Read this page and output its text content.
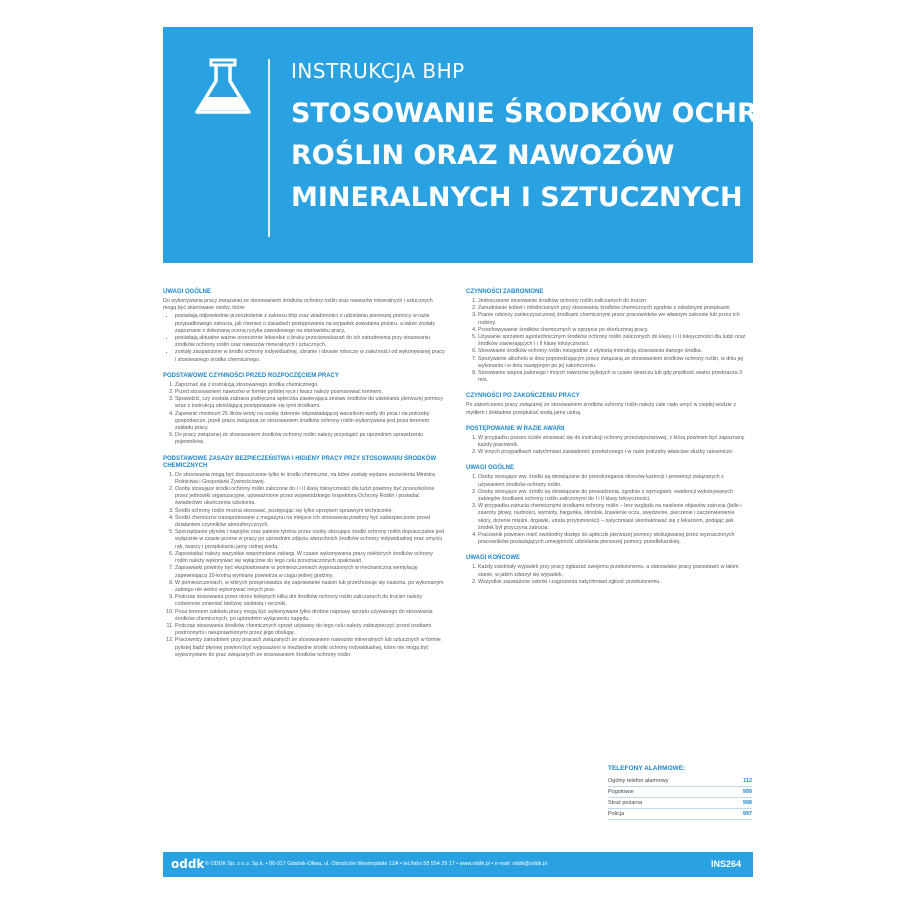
INSTRUKCJA BHP
STOSOWANIE ŚRODKÓW OCHRONY
ROŚLIN ORAZ NAWOZÓW
MINERALNYCH I SZTUCZNYCH
UWAGI OGÓLNE

Do wykonywania pracy związanej ze stosowaniem środków ochrony roślin oraz nawozów mineralnych i sztucznych mogą być skierowane osoby, które:

• posiadają odpowiednie przeszkolenie z zakresu bhp oraz wiadomości o udzielaniu pierwszej pomocy w razie przypadkowego zatrucia, jak również o zasadach postępowania na wypadek powstania pożaru, a także zostały zapoznane z dokonaną oceną ryzyka zawodowego na stanowisku pracy,
• posiadają aktualne ważne orzeczenie lekarskie o braku przeciwwskazań do ich zatrudnienia przy stosowaniu środków ochrony roślin oraz nawozów mineralnych i sztucznych,
• zostały zaopatrzone w środki ochrony indywidualnej, ubranie i obuwie robocze w zależności od wykonywanej pracy i stosowanego środka chemicznego.
PODSTAWOWE CZYNNOŚCI PRZED ROZPOCZĘCIEM PRACY
1. Zapoznać się z instrukcją stosowanego środka chemicznego.
2. Przed stosowaniem nawozów w formie pylistej ręce i twarz należy posmarować kremem.
3. Sprawdzić, czy została zabrana podręczna apteczka zawierająca zestaw środków do udzielania pierwszej pomocy wraz z instrukcją określającą postępowanie się tymi środkami.
4. Zapewnić minimum 25 litrów wody na osobę dziennie odpowiadającej warunkom wody do picia i na potrzeby gospodarcze, jeżeli praca związana ze stosowaniem środków ochrony roślin wykonywana jest poza terenem zakładu pracy.
5. Do pracy związanej ze stosowaniem środków ochrony roślin należy przystąpić po uprzednim sprawdzeniu pojemników.
PODSTAWOWE ZASADY BEZPIECZEŃSTWA I HIGIENY PRACY PRZY STOSOWANIU ŚRODKÓW CHEMICZNYCH
1. Do stosowania mogą być dopuszczone tylko te środki chemiczne, na które zostały wydane zezwolenia Ministra Rolnictwa i Gospodarki Żywnościowej.
2. Osoby stosujące środki ochrony roślin zaliczone do I i II klasy toksyczności dla ludzi powinny być przeszkolone przez jednostki organizacyjne, upoważnione przez wojewódzkiego Inspektora Ochrony Roślin i posiadać świadectwo ukończenia szkolenia.
3. Środki ochrony roślin można stosować, postępując się tylko sprzętem sprawnym technicznie.
4. Środki chemiczne transportowane z magazynu na miejsce ich stosowania powinny być zabezpieczone przed działaniem czynników atmosferycznych.
5. Sporządzanie płynów i napojów oraz palenie tytoniu przez osoby stosujące środki ochrony roślin dopuszczalne jest wyłącznie w czasie przerw w pracy po uprzednim zdjęciu wierzchnich środków ochrony indywidualnej oraz umyciu rąk, twarzy i przepłukaniu jamy ustnej wodą.
6. Zapowiadać należy wszystkie wspomniane zabiegi. W czasie wykonywania pracy niektórych środków ochrony roślin należy wykonywać się wyłącznie do tego celu przeznaczonych opakowań.
7. Zaprawiarki powinny być eksploatowane w pomieszczeniach wyposażonych w mechaniczną wentylację zapewniającą 10-krotną wymianę powietrza w ciągu jednej godziny.
8. W pomieszczeniach, w których przeprowadza się zaprawianie nasion lub przechowuje się nasiona, po wykonanym zabiegu nie wolno wykonywać innych prac.
9. Podczas stosowania przez okres kolejnych kilku dni środków ochrony roślin zaliczanych do trucizn należy codziennie zmieniać bieliznę osobistą i ręczniki.
10. Poza terenem zakładu pracy mogą być wykonywane tylko drobne naprawy sprzętu używanego do stosowania środków chemicznych, po uprzednim wyłączeniu napędu.
11. Podczas stosowania środków chemicznych sprzęt używany do tego celu należy zabezpieczyć przed osobami postronnymi i nieuprawnionymi przez jego obsługę.
12. Pracownicy zatrudnieni przy pracach związanych ze stosowaniem nawozów mineralnych lub sztucznych w formie pylistej bądź płynnej powinni być wyposażeni w niezbędne środki ochrony indywidualnej, które nie mogą być wykorzystane do prac związanych ze stosowaniem środków ochrony roślin.
CZYNNOŚCI ZABRONIONE
1. Jednoczesne stosowanie środków ochrony roślin zaliczanych do trucizn.
2. Zanudnianie kobiet i młodocianych przy stosowaniu środków chemicznych zgodnie z odrębnymi przepisami.
3. Pranie odzieży zanieczyszczonej środkami chemicznymi przez pracowników we własnym zakresie lub przez ich rodziny.
4. Przechowywanie środków chemicznych w sprzęcie po skończonej pracy.
5. Używanie sprzętem agrotechnicznym środków ochrony roślin zaliczonych do klasy I i II toksyczności dla ludzi oraz środków zawierających I i II klasę toksyczności.
6. Stosowanie środków ochrony roślin niezgodnie z etykietą-instrukcją stosowania danego środka.
7. Spożywanie alkoholu w dniu poprzedzającym pracę związaną ze stosowaniem środków ochrony roślin, w dniu jej wykonania i w dniu następnym po jej zakończeniu.
8. Stosowanie wapna palonego i innych nawozów pylistych w czasie deszczu lub gdy prędkość wiatru przekracza 3 m/s.
CZYNNOŚCI PO ZAKOŃCZENIU PRACY

Po zakończeniu pracy związanej ze stosowaniem środków ochrony roślin należy całe ciało umyć w ciepłej wodzie z mydłem i dokładnie przepłukać wodą jamę ustną.

POSTĘPOWANIE W RAZIE AWARII
1. W przypadku pożaru ściśle stosować się do instrukcji ochrony przeciwpożarowej, z którą powinien być zapoznany każdy pracownik.
2. W innych przypadkach natychmiast zawiadomić przełożonego i w razie potrzeby właściwe służby ratownicze.
UWAGI OGÓLNE
1. Osoby stosujące ww. środki są obowiązane do przestrzegania okresów karencji i prewencji związanych z używaniem środków ochrony roślin.
2. Osoby stosujące ww. środki są obowiązane do prowadzenia, zgodnie z wymogami, ewidencji wykonywanych zabiegów środkami ochrony roślin zaliczonymi do I i II klasy toksyczności.
3. W przypadku zatrucia chemicznymi środkami ochrony roślin – bez względu na nasilenie objawów zatrucia (bóle i zawroty głowy, nudności, wymioty, biegunka, ślinotok, łzawienie oczu, swędzenie, pieczenie i zaczerwienienie skóry, drżenie mięśni, drgawki, utrata przytomności) – natychmiast skontaktować się z lekarzem, podając jaki środek był przyczyną zatrucia.
4. Pracownik powinien mieć swobodny dostęp do apteczki pierwszej pomocy obsługiwanej przez wyznaczonych pracowników posiadających umiejętność udzielania pierwszej pomocy przedlekarskiej.
UWAGI KOŃCOWE
1. Każdy zaistniały wypadek przy pracy zgłaszać swojemu przełożonemu, a stanowisko pracy pozostawić w takim stanie, w jakim zdarzył się wypadek.
2. Wszystkie zauważone usterki i zagrożenia natychmiast zgłosić przełożonemu.
TELEFONY ALARMOWE:
Ogólny telefon alarmowy	112
Pogotowie	999
Straż pożarna	998
Policja	997
oddk © ODDK Sp. z o.o. Sp.k. • 80-317 Gdańsk-Oliwa, ul. Obrońców Westerplatte 12A • tel./faks 58 554 29 17 • www.oddk.pl • e-mail: oddk@oddk.pl	INS264
